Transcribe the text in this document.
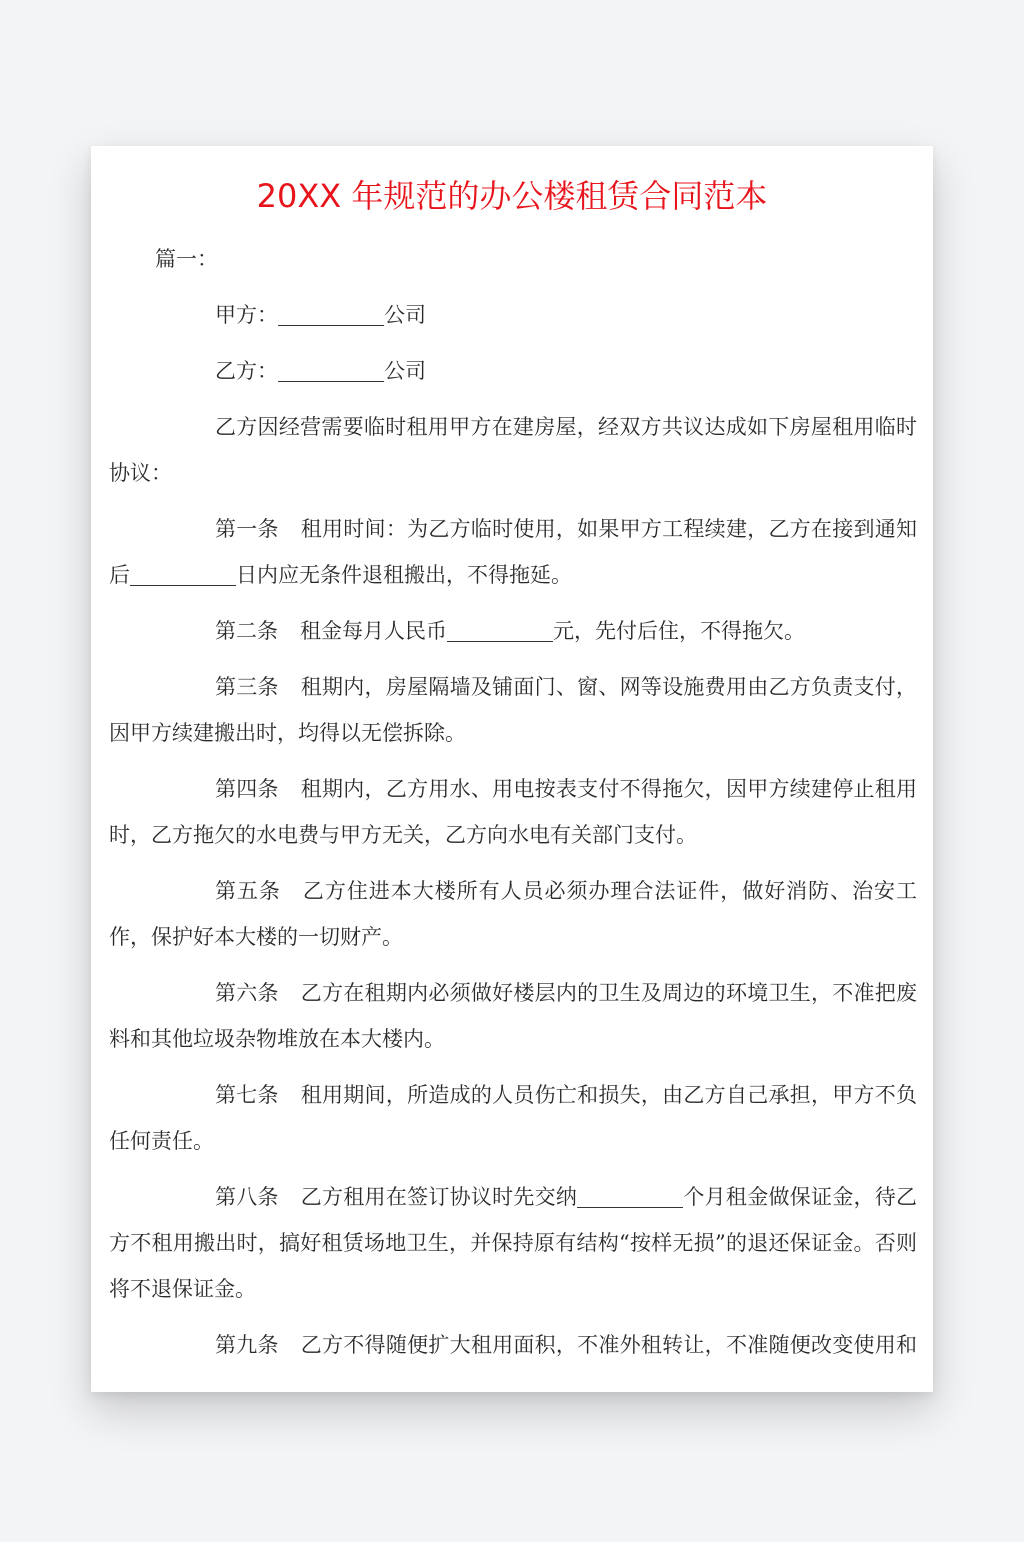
20XX 年规范的办公楼租赁合同范本

篇一：

甲方：	公司

乙方：	公司

乙方因经营需要临时租用甲方在建房屋，经双方共议达成如下房屋租用临时协议：

第一条 租用时间：为乙方临时使用，如果甲方工程续建，乙方在接到通知后	日内应无条件退租搬出，不得拖延。

第二条 租金每月人民币	元，先付后住，不得拖欠。

第三条 租期内，房屋隔墙及铺面门、窗、网等设施费用由乙方负责支付，因甲方续建搬出时，均得以无偿拆除。

第四条 租期内，乙方用水、用电按表支付不得拖欠，因甲方续建停止租用时，乙方拖欠的水电费与甲方无关，乙方向水电有关部门支付。

第五条 乙方住进本大楼所有人员必须办理合法证件，做好消防、治安工作，保护好本大楼的一切财产。

第六条 乙方在租期内必须做好楼层内的卫生及周边的环境卫生，不准把废料和其他垃圾杂物堆放在本大楼内。

第七条 租用期间，所造成的人员伤亡和损失，由乙方自己承担，甲方不负任何责任。

第八条 乙方租用在签订协议时先交纳	个月租金做保证金，待乙方不租用搬出时，搞好租赁场地卫生，并保持原有结构“按样无损”的退还保证金。否则将不退保证金。

第九条 乙方不得随便扩大租用面积，不准外租转让，不准随便改变使用和
